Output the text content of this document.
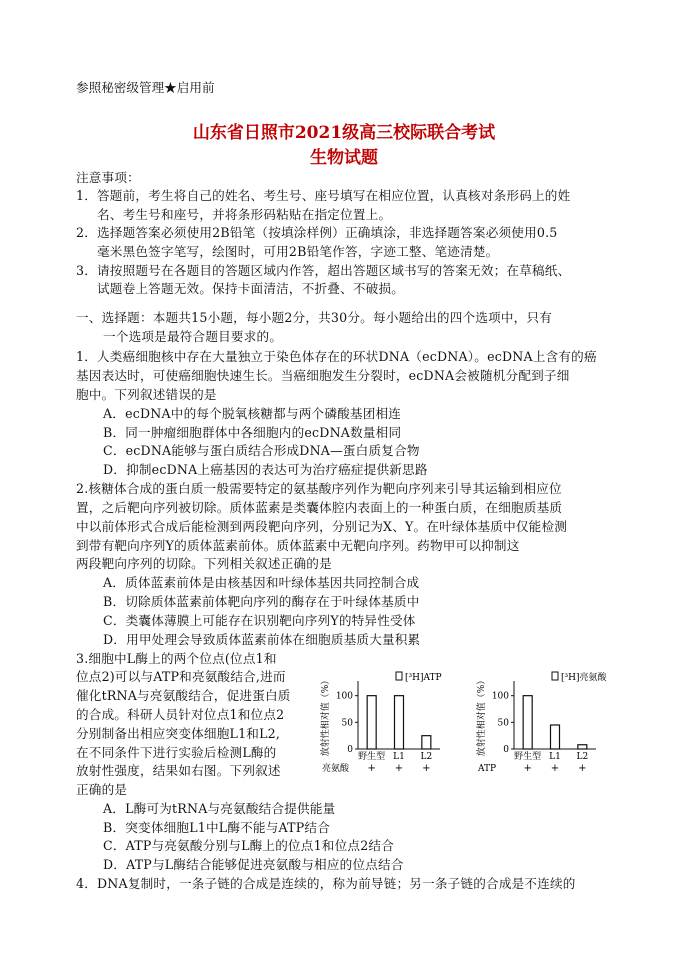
参照秘密级管理★启用前
山东省日照市2021级高三校际联合考试
生物试题
注意事项：
1．答题前，考生将自己的姓名、考生号、座号填写在相应位置，认真核对条形码上的姓
名、考生号和座号，并将条形码粘贴在指定位置上。
2．选择题答案必须使用2B铅笔（按填涂样例）正确填涂，非选择题答案必须使用0.5
毫米黑色签字笔写，绘图时，可用2B铅笔作答，字迹工整、笔迹清楚。
3．请按照题号在各题目的答题区域内作答，超出答题区域书写的答案无效；在草稿纸、
试题卷上答题无效。保持卡面清洁，不折叠、不破损。
一、选择题：本题共15小题，每小题2分，共30分。每小题给出的四个选项中，只有
一个选项是最符合题目要求的。
1．人类癌细胞核中存在大量独立于染色体存在的环状DNA（ecDNA）。ecDNA上含有的癌
基因表达时，可使癌细胞快速生长。当癌细胞发生分裂时，ecDNA会被随机分配到子细
胞中。下列叙述错误的是
A．ecDNA中的每个脱氧核糖都与两个磷酸基团相连
B．同一肿瘤细胞群体中各细胞内的ecDNA数量相同
C．ecDNA能够与蛋白质结合形成DNA—蛋白质复合物
D．抑制ecDNA上癌基因的表达可为治疗癌症提供新思路
2.核糖体合成的蛋白质一般需要特定的氨基酸序列作为靶向序列来引导其运输到相应位
置，之后靶向序列被切除。质体蓝素是类囊体腔内表面上的一种蛋白质，在细胞质基质
中以前体形式合成后能检测到两段靶向序列，分别记为X、Y。在叶绿体基质中仅能检测
到带有靶向序列Y的质体蓝素前体。质体蓝素中无靶向序列。药物甲可以抑制这
两段靶向序列的切除。下列相关叙述正确的是
A．质体蓝素前体是由核基因和叶绿体基因共同控制合成
B．切除质体蓝素前体靶向序列的酶存在于叶绿体基质中
C．类囊体薄膜上可能存在识别靶向序列Y的特异性受体
D．用甲处理会导致质体蓝素前体在细胞质基质大量积累
3.细胞中L酶上的两个位点(位点1和
位点2)可以与ATP和亮氨酸结合,进而
催化tRNA与亮氨酸结合，促进蛋白质
的合成。科研人员针对位点1和位点2
分别制备出相应突变体细胞L1和L2,
在不同条件下进行实验后检测L酶的
放射性强度，结果如右图。下列叙述
正确的是
A．L酶可为tRNA与亮氨酸结合提供能量
B．突变体细胞L1中L酶不能与ATP结合
C．ATP与亮氨酸分别与L酶上的位点1和位点2结合
D．ATP与L酶结合能够促进亮氨酸与相应的位点结合
4．DNA复制时，一条子链的合成是连续的，称为前导链；另一条子链的合成是不连续的
放射性相对值（%） 0
50
100
[³H]ATP
野生型
+
L1
+
L2
+
亮氨酸
放射性相对值（%） 0
50
100
[³H]亮氨酸
野生型
+
L1
+
L2
+
ATP
